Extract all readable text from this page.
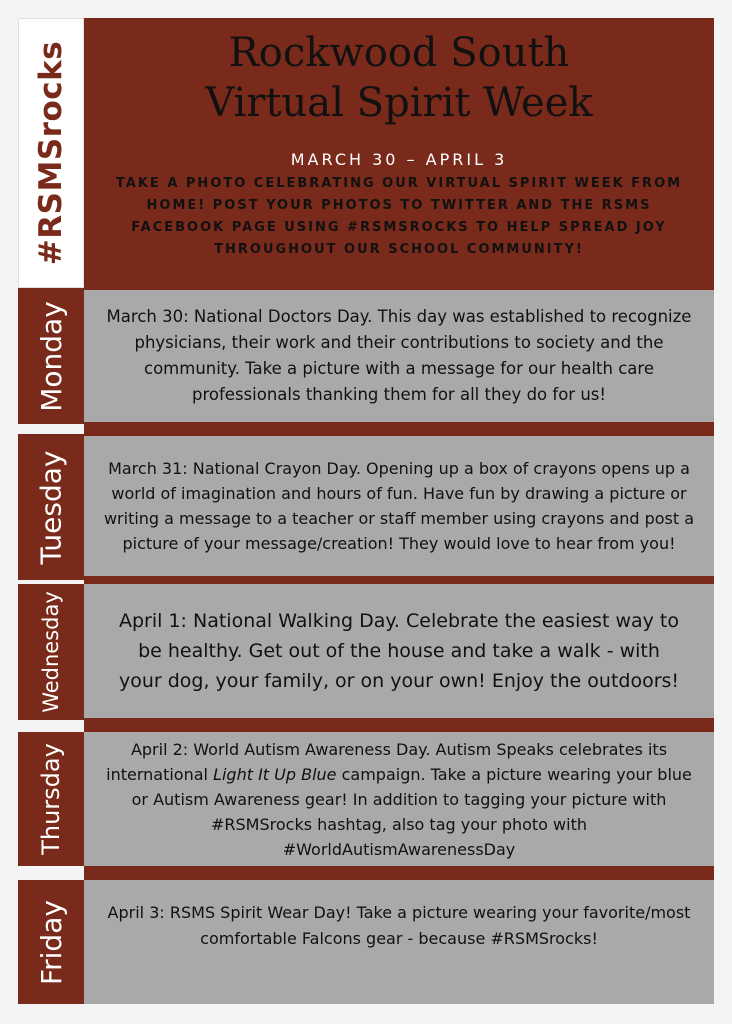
#RSMSrocks	Rockwood South
Virtual Spirit Week
MARCH 30 – APRIL 3
TAKE A PHOTO CELEBRATING OUR VIRTUAL SPIRIT WEEK FROM HOME! POST YOUR PHOTOS TO TWITTER AND THE RSMS FACEBOOK PAGE USING #RSMSROCKS TO HELP SPREAD JOY THROUGHOUT OUR SCHOOL COMMUNITY!
Monday	March 30: National Doctors Day. This day was established to recognize physicians, their work and their contributions to society and the community. Take a picture with a message for our health care professionals thanking them for all they do for us!

Tuesday	March 31: National Crayon Day. Opening up a box of crayons opens up a world of imagination and hours of fun. Have fun by drawing a picture or writing a message to a teacher or staff member using crayons and post a picture of your message/creation! They would love to hear from you!

Wednesday	April 1: National Walking Day. Celebrate the easiest way to be healthy. Get out of the house and take a walk - with your dog, your family, or on your own! Enjoy the outdoors!

Thursday	April 2: World Autism Awareness Day. Autism Speaks celebrates its international Light It Up Blue campaign. Take a picture wearing your blue or Autism Awareness gear! In addition to tagging your picture with #RSMSrocks hashtag, also tag your photo with #WorldAutismAwarenessDay

Friday	April 3: RSMS Spirit Wear Day! Take a picture wearing your favorite/most comfortable Falcons gear - because #RSMSrocks!
